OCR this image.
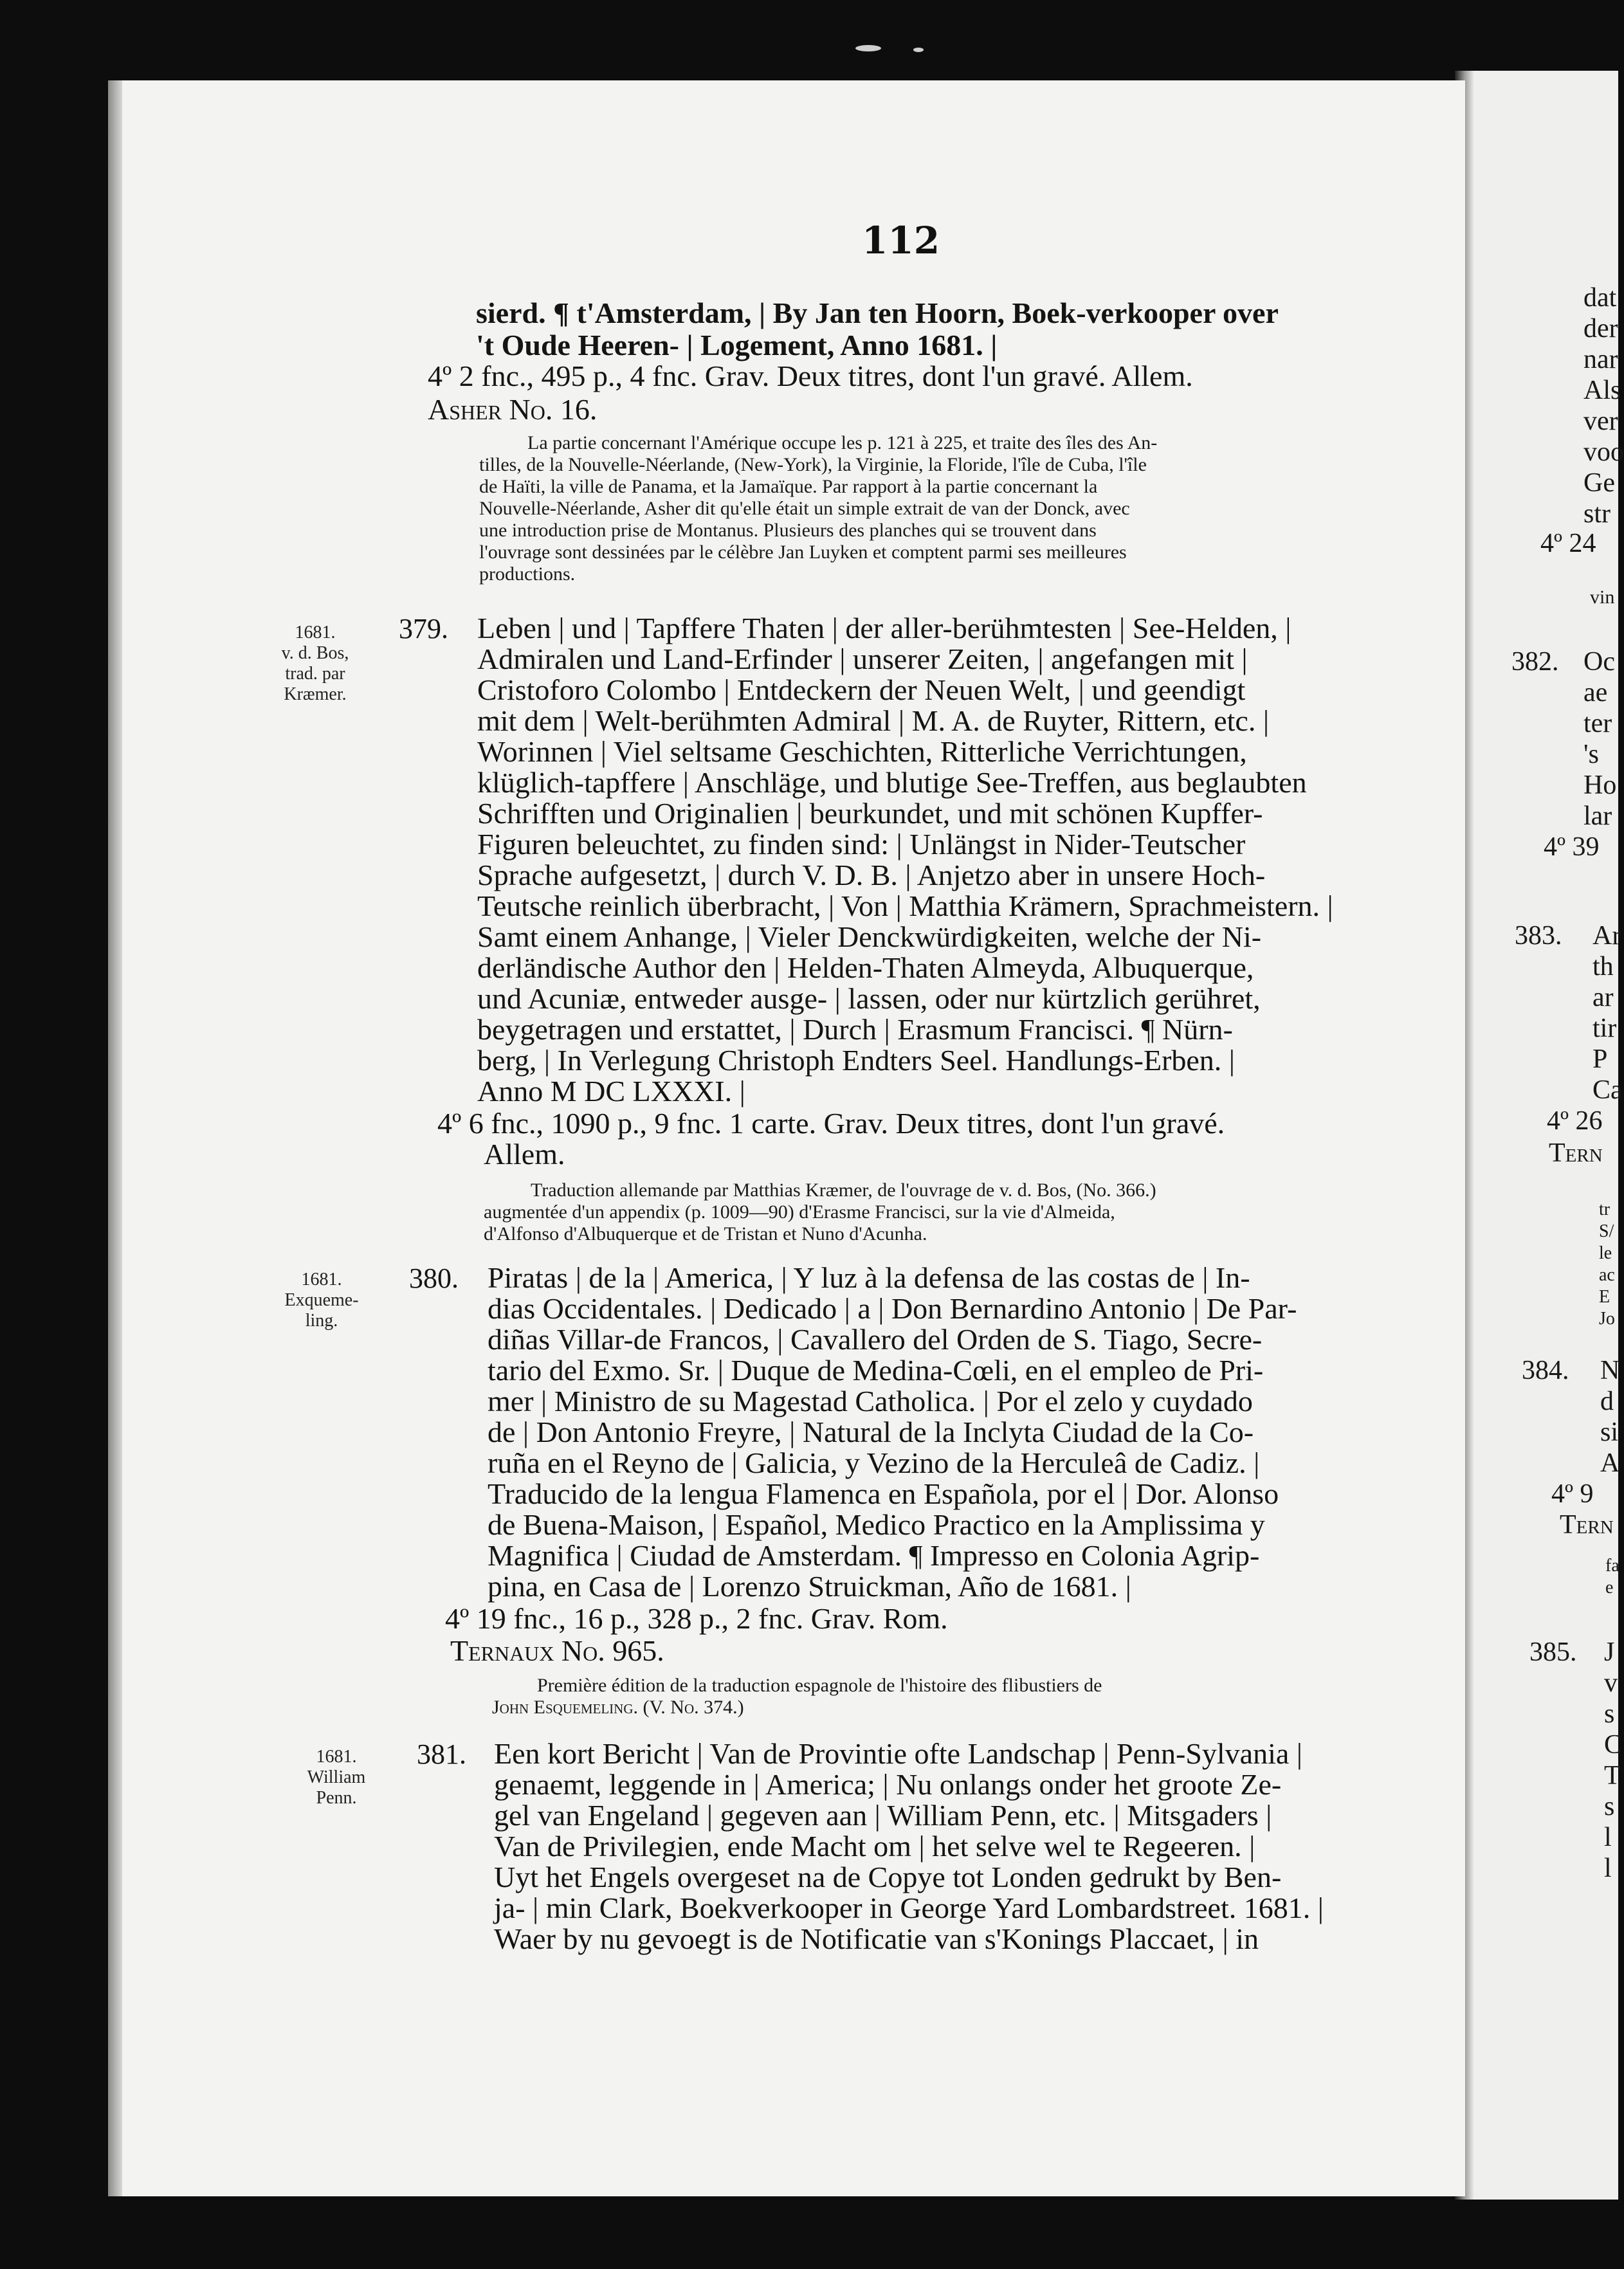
112
sierd. ¶ t'Amsterdam, | By Jan ten Hoorn, Boek-verkooper over
't Oude Heeren- | Logement, Anno 1681. |
4º 2 fnc., 495 p., 4 fnc. Grav. Deux titres, dont l'un gravé. Allem.
Asher No. 16.
La partie concernant l'Amérique occupe les p. 121 à 225, et traite des îles des An-
tilles, de la Nouvelle-Néerlande, (New-York), la Virginie, la Floride, l'île de Cuba, l'île
de Haïti, la ville de Panama, et la Jamaïque. Par rapport à la partie concernant la
Nouvelle-Néerlande, Asher dit qu'elle était un simple extrait de van der Donck, avec
une introduction prise de Montanus. Plusieurs des planches qui se trouvent dans
l'ouvrage sont dessinées par le célèbre Jan Luyken et comptent parmi ses meilleures
productions.
1681.
v. d. Bos,
trad. par
Kræmer.
379. Leben | und | Tapffere Thaten | der aller-berühmtesten | See-Helden, |
Admiralen und Land-Erfinder | unserer Zeiten, | angefangen mit |
Cristoforo Colombo | Entdeckern der Neuen Welt, | und geendigt
mit dem | Welt-berühmten Admiral | M. A. de Ruyter, Rittern, etc. |
Worinnen | Viel seltsame Geschichten, Ritterliche Verrichtungen,
klüglich-tapffere | Anschläge, und blutige See-Treffen, aus beglaubten
Schrifften und Originalien | beurkundet, und mit schönen Kupffer-
Figuren beleuchtet, zu finden sind: | Unlängst in Nider-Teutscher
Sprache aufgesetzt, | durch V. D. B. | Anjetzo aber in unsere Hoch-
Teutsche reinlich überbracht, | Von | Matthia Krämern, Sprachmeistern. |
Samt einem Anhange, | Vieler Denckwürdigkeiten, welche der Ni-
derländische Author den | Helden-Thaten Almeyda, Albuquerque,
und Acuniæ, entweder ausge- | lassen, oder nur kürtzlich gerühret,
beygetragen und erstattet, | Durch | Erasmum Francisci. ¶ Nürn-
berg, | In Verlegung Christoph Endters Seel. Handlungs-Erben. |
Anno M DC LXXXI. |
4º 6 fnc., 1090 p., 9 fnc. 1 carte. Grav. Deux titres, dont l'un gravé.
Allem.
Traduction allemande par Matthias Kræmer, de l'ouvrage de v. d. Bos, (No. 366.)
augmentée d'un appendix (p. 1009—90) d'Erasme Francisci, sur la vie d'Almeida,
d'Alfonso d'Albuquerque et de Tristan et Nuno d'Acunha.
1681.
Exqueme-
ling.
380. Piratas | de la | America, | Y luz à la defensa de las costas de | In-
dias Occidentales. | Dedicado | a | Don Bernardino Antonio | De Par-
diñas Villar-de Francos, | Cavallero del Orden de S. Tiago, Secre-
tario del Exmo. Sr. | Duque de Medina-Cœli, en el empleo de Pri-
mer | Ministro de su Magestad Catholica. | Por el zelo y cuydado
de | Don Antonio Freyre, | Natural de la Inclyta Ciudad de la Co-
ruña en el Reyno de | Galicia, y Vezino de la Herculeâ de Cadiz. |
Traducido de la lengua Flamenca en Española, por el | Dor. Alonso
de Buena-Maison, | Español, Medico Practico en la Amplissima y
Magnifica | Ciudad de Amsterdam. ¶ Impresso en Colonia Agrip-
pina, en Casa de | Lorenzo Struickman, Año de 1681. |
4º 19 fnc., 16 p., 328 p., 2 fnc. Grav. Rom.
Ternaux No. 965.
Première édition de la traduction espagnole de l'histoire des flibustiers de
John Esquemeling. (V. No. 374.)
1681.
William
Penn.
381. Een kort Bericht | Van de Provintie ofte Landschap | Penn-Sylvania |
genaemt, leggende in | America; | Nu onlangs onder het groote Ze-
gel van Engeland | gegeven aan | William Penn, etc. | Mitsgaders |
Van de Privilegien, ende Macht om | het selve wel te Regeeren. |
Uyt het Engels overgeset na de Copye tot Londen gedrukt by Ben-
ja- | min Clark, Boekverkooper in George Yard Lombardstreet. 1681. |
Waer by nu gevoegt is de Notificatie van s'Konings Placcaet, | in
dat
der
nar
Als
ver
voo
Ge
str
4º 24
vin
382. Oc
ae
ter
's
Ho
lar
4º 39
383. Ar
th
ar
tir
P
Ca
4º 26
Tern
tr
S/
le
ac
E
Jo
384. N
d
si
A
4º 9
Tern
fa
e
385. J
v
s
C
T
s
l
l
